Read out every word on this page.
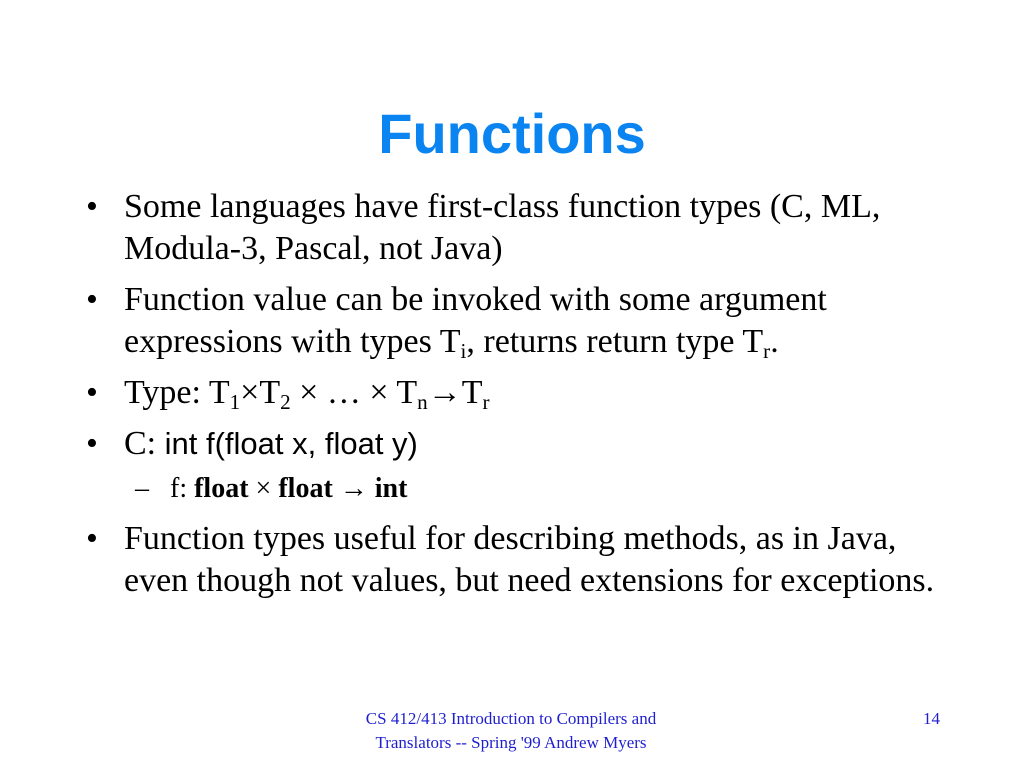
Functions
• Some languages have first-class function types (C, ML, Modula-3, Pascal, not Java)
• Function value can be invoked with some argument expressions with types $T_i$, returns return type $T_r$.
• Type: $T_1\times T_2$ × … × $T_n\to T_r$
• C: int f(float x, float y)
– f: float × float → int
• Function types useful for describing methods, as in Java, even though not values, but need extensions for exceptions.
CS 412/413 Introduction to Compilers and Translators -- Spring '99 Andrew Myers
14
